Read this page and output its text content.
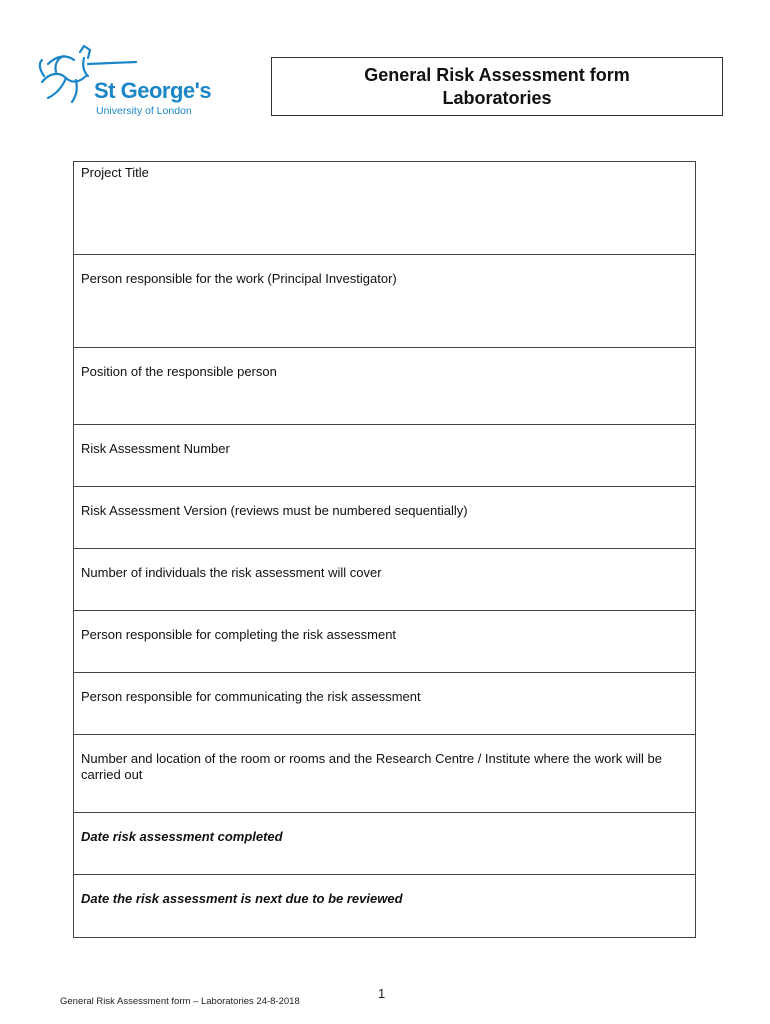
St George's
University of London
General Risk Assessment form
Laboratories
Project Title
Person responsible for the work (Principal Investigator)
Position of the responsible person
Risk Assessment Number
Risk Assessment Version (reviews must be numbered sequentially)
Number of individuals the risk assessment will cover
Person responsible for completing the risk assessment
Person responsible for communicating the risk assessment
Number and location of the room or rooms and the Research Centre / Institute where the work will be carried out
Date risk assessment completed
Date the risk assessment is next due to be reviewed
General Risk Assessment form – Laboratories 24-8-2018
1
